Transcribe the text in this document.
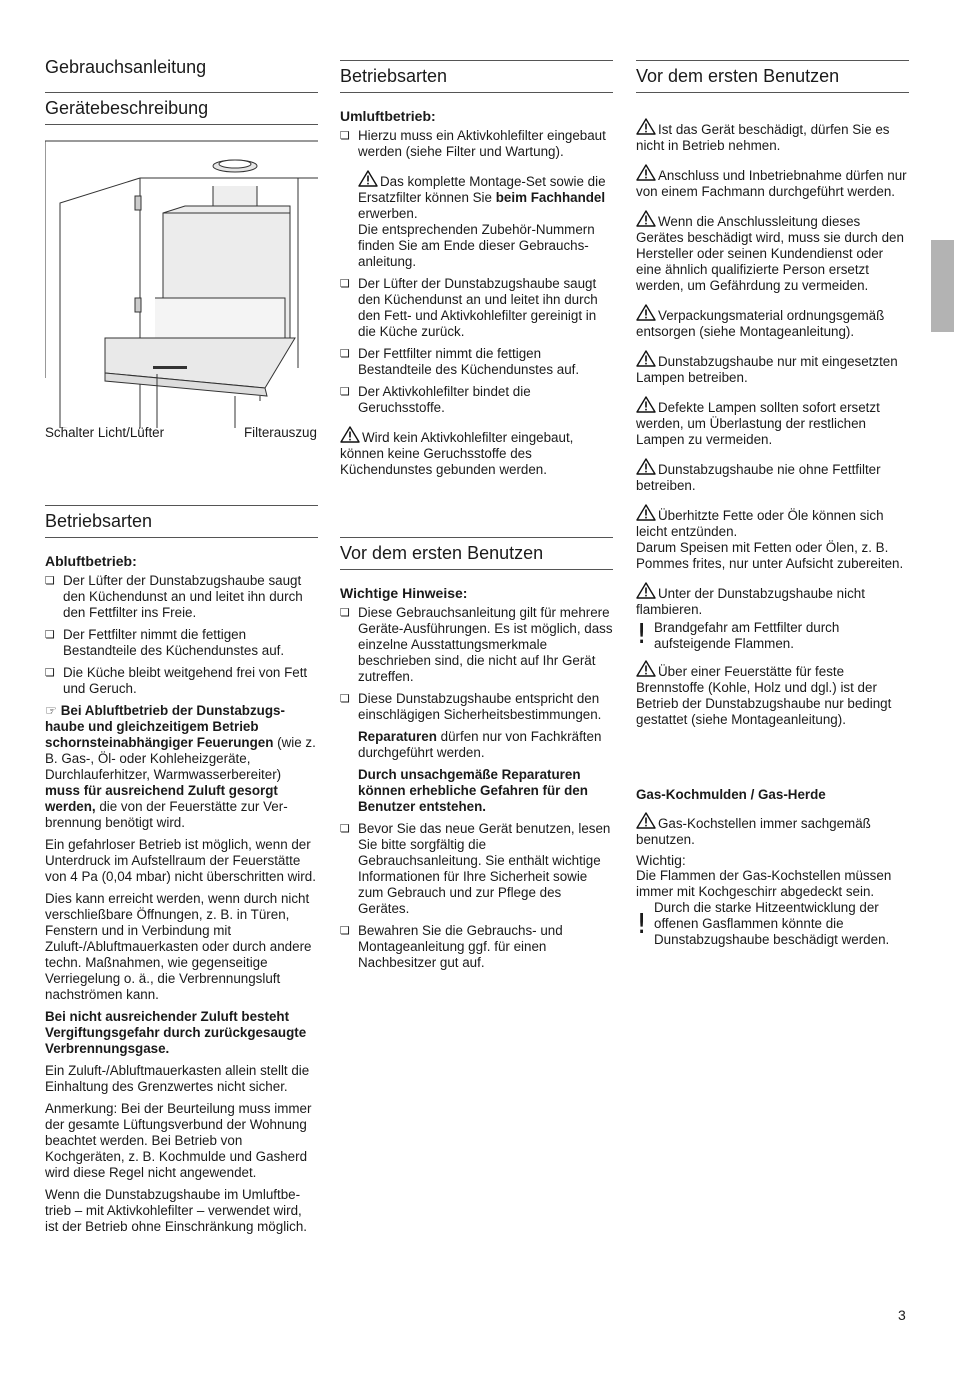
Gebrauchsanleitung
Gerätebeschreibung
Schalter Licht/Lüfter	Filterauszug
Betriebsarten
Abluftbetrieb:
❏ Der Lüfter der Dunstabzugshaube saugt den Küchendunst an und leitet ihn durch den Fettfilter ins Freie.
❏ Der Fettfilter nimmt die fettigen Bestandteile des Küchendunstes auf.
❏ Die Küche bleibt weitgehend frei von Fett und Geruch.

☞ Bei Abluftbetrieb der Dunstabzugshaube und gleichzeitigem Betrieb schornsteinabhängiger Feuerungen (wie z. B. Gas-, Öl- oder Kohleheizgeräte, Durchlauferhitzer, Warmwasserbereiter) muss für ausreichend Zuluft gesorgt werden, die von der Feuerstätte zur Verbrennung benötigt wird.

Ein gefahrloser Betrieb ist möglich, wenn der Unterdruck im Aufstellraum der Feuerstätte von 4 Pa (0,04 mbar) nicht überschritten wird.

Dies kann erreicht werden, wenn durch nicht verschließbare Öffnungen, z. B. in Türen, Fenstern und in Verbindung mit Zuluft-/Abluftmauerkasten oder durch andere techn. Maßnahmen, wie gegenseitige Verriegelung o. ä., die Verbrennungsluft nachströmen kann.

Bei nicht ausreichender Zuluft besteht Vergiftungsgefahr durch zurückgesaugte Verbrennungsgase.

Ein Zuluft-/Abluftmauerkasten allein stellt die Einhaltung des Grenzwertes nicht sicher.

Anmerkung: Bei der Beurteilung muss immer der gesamte Lüftungsverbund der Wohnung beachtet werden. Bei Betrieb von Kochgeräten, z. B. Kochmulde und Gasherd wird diese Regel nicht angewendet.

Wenn die Dunstabzugshaube im Umluftbetrieb – mit Aktivkohlefilter – verwendet wird, ist der Betrieb ohne Einschränkung möglich.

Betriebsarten
Umluftbetrieb:
❏ Hierzu muss ein Aktivkohlefilter eingebaut werden (siehe Filter und Wartung).

Das komplette Montage-Set sowie die Ersatzfilter können Sie beim Fachhandel erwerben.
Die entsprechenden Zubehör-Nummern finden Sie am Ende dieser Gebrauchsanleitung.

❏ Der Lüfter der Dunstabzugshaube saugt den Küchendunst an und leitet ihn durch den Fett- und Aktivkohlefilter gereinigt in die Küche zurück.
❏ Der Fettfilter nimmt die fettigen Bestandteile des Küchendunstes auf.
❏ Der Aktivkohlefilter bindet die Geruchsstoffe.

Wird kein Aktivkohlefilter eingebaut, können keine Geruchsstoffe des Küchendunstes gebunden werden.

Vor dem ersten Benutzen
Wichtige Hinweise:
❏ Diese Gebrauchsanleitung gilt für mehrere Geräte-Ausführungen. Es ist möglich, dass einzelne Ausstattungsmerkmale beschrieben sind, die nicht auf Ihr Gerät zutreffen.
❏ Diese Dunstabzugshaube entspricht den einschlägigen Sicherheitsbestimmungen.

Reparaturen dürfen nur von Fachkräften durchgeführt werden.

Durch unsachgemäße Reparaturen können erhebliche Gefahren für den Benutzer entstehen.

❏ Bevor Sie das neue Gerät benutzen, lesen Sie bitte sorgfältig die Gebrauchsanleitung. Sie enthält wichtige Informationen für Ihre Sicherheit sowie zum Gebrauch und zur Pflege des Gerätes.
❏ Bewahren Sie die Gebrauchs- und Montageanleitung ggf. für einen Nachbesitzer gut auf.
Vor dem ersten Benutzen

Ist das Gerät beschädigt, dürfen Sie es nicht in Betrieb nehmen.

Anschluss und Inbetriebnahme dürfen nur von einem Fachmann durchgeführt werden.

Wenn die Anschlussleitung dieses Gerätes beschädigt wird, muss sie durch den Hersteller oder seinen Kundendienst oder eine ähnlich qualifizierte Person ersetzt werden, um Gefährdung zu vermeiden.

Verpackungsmaterial ordnungsgemäß entsorgen (siehe Montageanleitung).

Dunstabzugshaube nur mit eingesetzten Lampen betreiben.

Defekte Lampen sollten sofort ersetzt werden, um Überlastung der restlichen Lampen zu vermeiden.

Dunstabzugshaube nie ohne Fettfilter betreiben.

Überhitzte Fette oder Öle können sich leicht entzünden.
Darum Speisen mit Fetten oder Ölen, z. B. Pommes frites, nur unter Aufsicht zubereiten.

Unter der Dunstabzugshaube nicht flambieren.

! Brandgefahr am Fettfilter durch aufsteigende Flammen.

Über einer Feuerstätte für feste Brennstoffe (Kohle, Holz und dgl.) ist der Betrieb der Dunstabzugshaube nur bedingt gestattet (siehe Montageanleitung).

Gas-Kochmulden / Gas-Herde

Gas-Kochstellen immer sachgemäß benutzen.

Wichtig:

Die Flammen der Gas-Kochstellen müssen immer mit Kochgeschirr abgedeckt sein.

! Durch die starke Hitzeentwicklung der offenen Gasflammen könnte die Dunstabzugshaube beschädigt werden.

3
